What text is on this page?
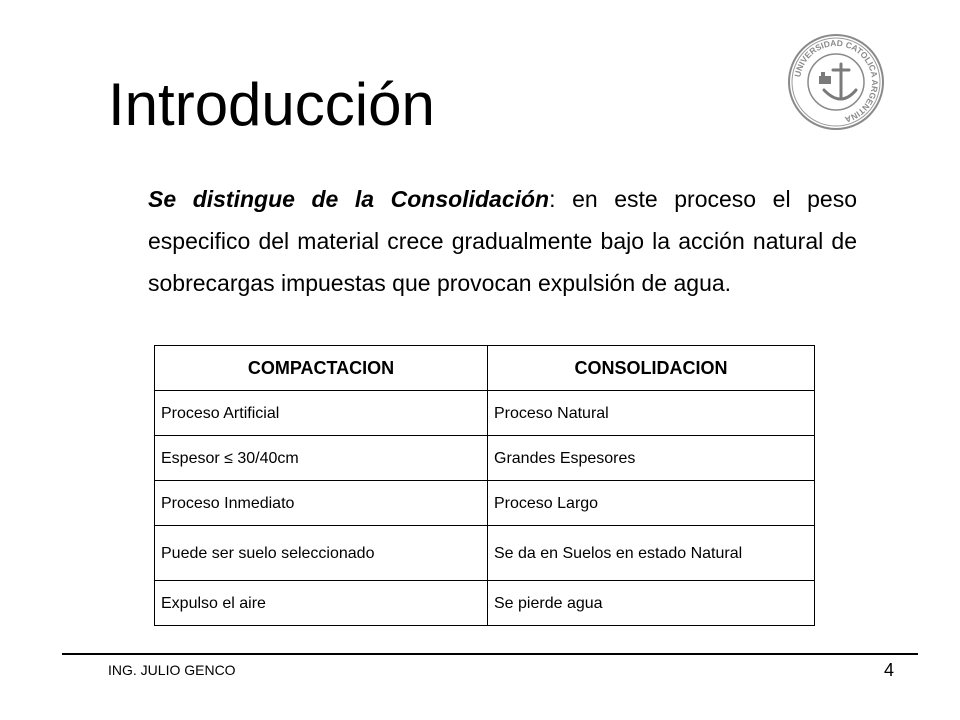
Introducción	UNIVERSIDAD CATOLICA ARGENTINA

Se distingue de la Consolidación: en este proceso el peso especifico del material crece gradualmente bajo la acción natural de sobrecargas impuestas que provocan expulsión de agua.

COMPACTACION	CONSOLIDACION
Proceso Artificial	Proceso Natural
Espesor ≤ 30/40cm	Grandes Espesores
Proceso Inmediato	Proceso Largo
Puede ser suelo seleccionado	Se da en Suelos en estado Natural
Expulso el aire	Se pierde agua
ING. JULIO GENCO	4
